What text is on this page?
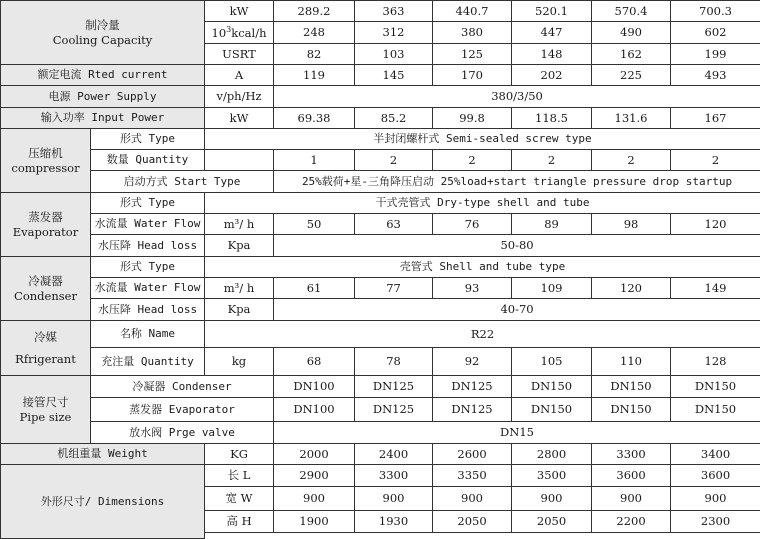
制冷量
Cooling Capacity		kW	289.2	363	440.7	520.1	570.4	700.3
		$10^3kcal/h$	248	312	380	447	490	602
		USRT	82	103	125	148	162	199
额定电流 Rted current		A	119	145	170	202	225	493
电源 Power Supply		v/ph/Hz	380/3/50					
输入功率 Input Power		kW	69.38	85.2	99.8	118.5	131.6	167

压缩机
compressor	形式 Type	半封闭螺杆式 Semi-sealed screw type						
	数量 Quantity		1	2	2	2	2	2
	启动方式 Start Type		25%载荷+星-三角降压启动 25%load+start triangle pressure drop startup					

蒸发器
Evaporator	形式 Type	干式壳管式 Dry-type shell and tube						
	水流量 Water Flow	m³/ h	50	63	76	89	98	120
	水压降 Head loss	Kpa	50-80					

冷凝器
Condenser	形式 Type	壳管式 Shell and tube type						
	水流量 Water Flow	m³/ h	61	77	93	109	120	149
	水压降 Head loss	Kpa	40-70					

冷媒
Rfrigerant	名称 Name	R22						
	充注量 Quantity	kg	68	78	92	105	110	128

接管尺寸
Pipe size	冷凝器 Condenser		DN100	DN125	DN125	DN150	DN150	DN150
	蒸发器 Evaporator		DN100	DN125	DN125	DN150	DN150	DN150
	放水阀 Prge valve		DN15					
机组重量 Weight		KG	2000	2400	2600	2800	3300	3400
外形尺寸/ Dimensions		长 L	2900	3300	3350	3500	3600	3600
		宽 W	900	900	900	900	900	900
		高 H	1900	1930	2050	2050	2200	2300
